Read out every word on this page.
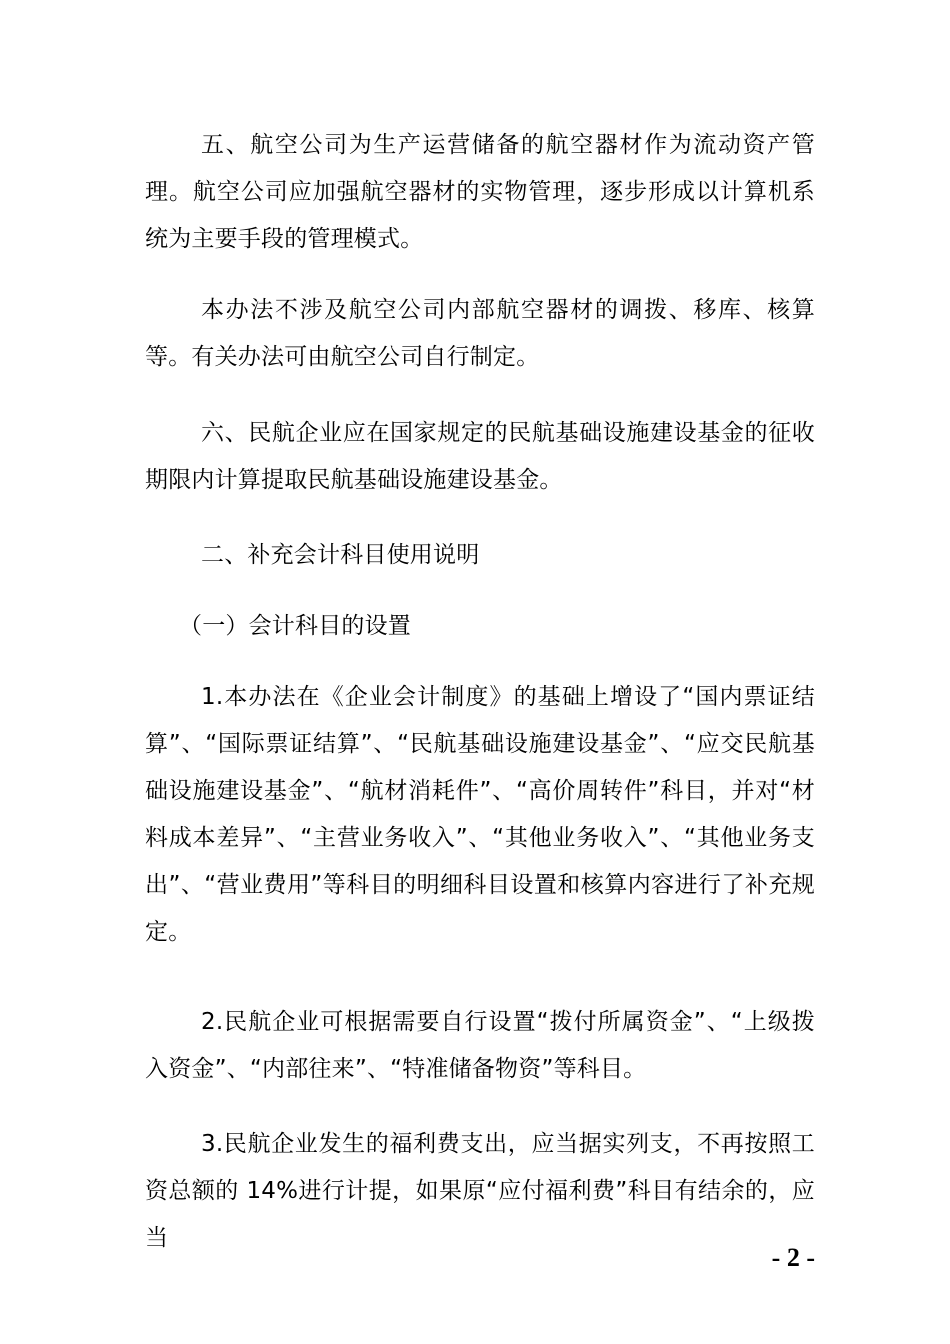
五、航空公司为生产运营储备的航空器材作为流动资产管理。航空公司应加强航空器材的实物管理，逐步形成以计算机系统为主要手段的管理模式。

本办法不涉及航空公司内部航空器材的调拨、移库、核算等。有关办法可由航空公司自行制定。

六、民航企业应在国家规定的民航基础设施建设基金的征收期限内计算提取民航基础设施建设基金。

二、补充会计科目使用说明

（一）会计科目的设置

1.本办法在《企业会计制度》的基础上增设了“国内票证结算”、“国际票证结算”、“民航基础设施建设基金”、“应交民航基础设施建设基金”、“航材消耗件”、“高价周转件”科目，并对“材料成本差异”、“主营业务收入”、“其他业务收入”、“其他业务支出”、“营业费用”等科目的明细科目设置和核算内容进行了补充规定。

2.民航企业可根据需要自行设置“拨付所属资金”、“上级拨入资金”、“内部往来”、“特准储备物资”等科目。

3.民航企业发生的福利费支出，应当据实列支，不再按照工资总额的 14%进行计提，如果原“应付福利费”科目有结余的，应当

- 2 -
